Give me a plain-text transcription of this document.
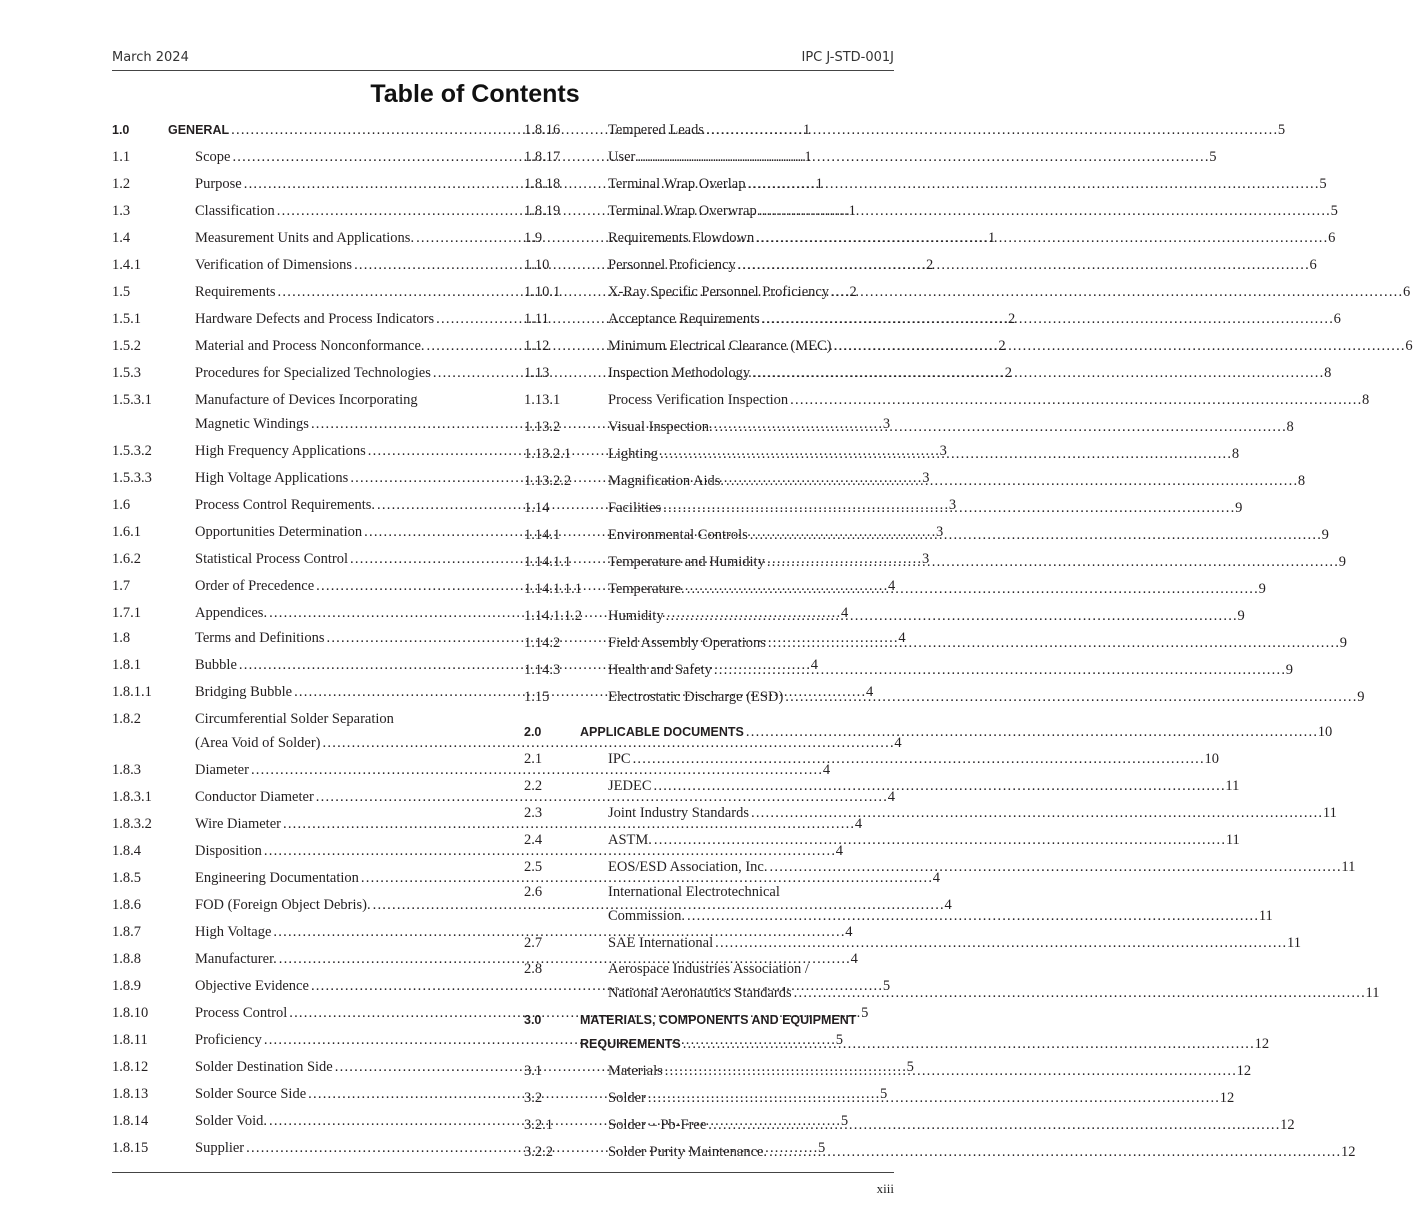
March 2024	IPC J-STD-001J
Table of Contents
1.0	GENERAL . . .	1
1.1	Scope . . .	1
1.2	Purpose . . .	1
1.3	Classification . . .	1
1.4	Measurement Units and Applications. . . .	1
1.4.1	Verification of Dimensions . . .	2
1.5	Requirements . . .	2
1.5.1	Hardware Defects and Process Indicators . . .	2
1.5.2	Material and Process Nonconformance. . . .	2
1.5.3	Procedures for Specialized Technologies . . .	2
1.5.3.1	Manufacture of Devices Incorporating
Magnetic Windings . . .	3
1.5.3.2	High Frequency Applications . . .	3
1.5.3.3	High Voltage Applications . . .	3
1.6	Process Control Requirements. . . .	3
1.6.1	Opportunities Determination . . .	3
1.6.2	Statistical Process Control . . .	3
1.7	Order of Precedence . . .	4
1.7.1	Appendices. . . .	4
1.8	Terms and Definitions . . .	4
1.8.1	Bubble . . .	4
1.8.1.1	Bridging Bubble . . .	4
1.8.2	Circumferential Solder Separation
(Area Void of Solder) . . .	4
1.8.3	Diameter . . .	4
1.8.3.1	Conductor Diameter . . .	4
1.8.3.2	Wire Diameter . . .	4
1.8.4	Disposition . . .	4
1.8.5	Engineering Documentation . . .	4
1.8.6	FOD (Foreign Object Debris). . . .	4
1.8.7	High Voltage . . .	4
1.8.8	Manufacturer. . . .	4
1.8.9	Objective Evidence . . .	5
1.8.10	Process Control . . .	5
1.8.11	Proficiency . . .	5
1.8.12	Solder Destination Side . . .	5
1.8.13	Solder Source Side . . .	5
1.8.14	Solder Void. . . .	5
1.8.15	Supplier . . .	5
1.8.16	Tempered Leads . . .	5
1.8.17	User . . .	5
1.8.18	Terminal Wrap Overlap . . .	5
1.8.19	Terminal Wrap Overwrap . . .	5
1.9	Requirements Flowdown . . .	6
1.10	Personnel Proficiency . . .	6
1.10.1	X-Ray Specific Personnel Proficiency . . .	6
1.11	Acceptance Requirements . . .	6
1.12	Minimum Electrical Clearance (MEC) . . .	6
1.13	Inspection Methodology . . .	8
1.13.1	Process Verification Inspection . . .	8
1.13.2	Visual Inspection. . . .	8
1.13.2.1	Lighting . . .	8
1.13.2.2	Magnification Aids. . . .	8
1.14	Facilities . . .	9
1.14.1	Environmental Controls . . .	9
1.14.1.1	Temperature and Humidity . . .	9
1.14.1.1.1	Temperature. . . .	9
1.14.1.1.2	Humidity . . .	9
1.14.2	Field Assembly Operations . . .	9
1.14.3	Health and Safety . . .	9
1.15	Electrostatic Discharge (ESD) . . .	9
2.0	APPLICABLE DOCUMENTS . . .	10
2.1	IPC . . .	10
2.2	JEDEC . . .	11
2.3	Joint Industry Standards . . .	11
2.4	ASTM. . . .	11
2.5	EOS/ESD Association, Inc. . . .	11
2.6	International Electrotechnical
Commission. . . .	11
2.7	SAE International . . .	11
2.8	Aerospace Industries Association /
National Aeronautics Standards . . .	11
3.0	MATERIALS, COMPONENTS AND EQUIPMENT
REQUIREMENTS . . .	12
3.1	Materials . . .	12
3.2	Solder . . .	12
3.2.1	Solder – Pb-Free . . .	12
3.2.2	Solder Purity Maintenance. . . .	12
xiii
